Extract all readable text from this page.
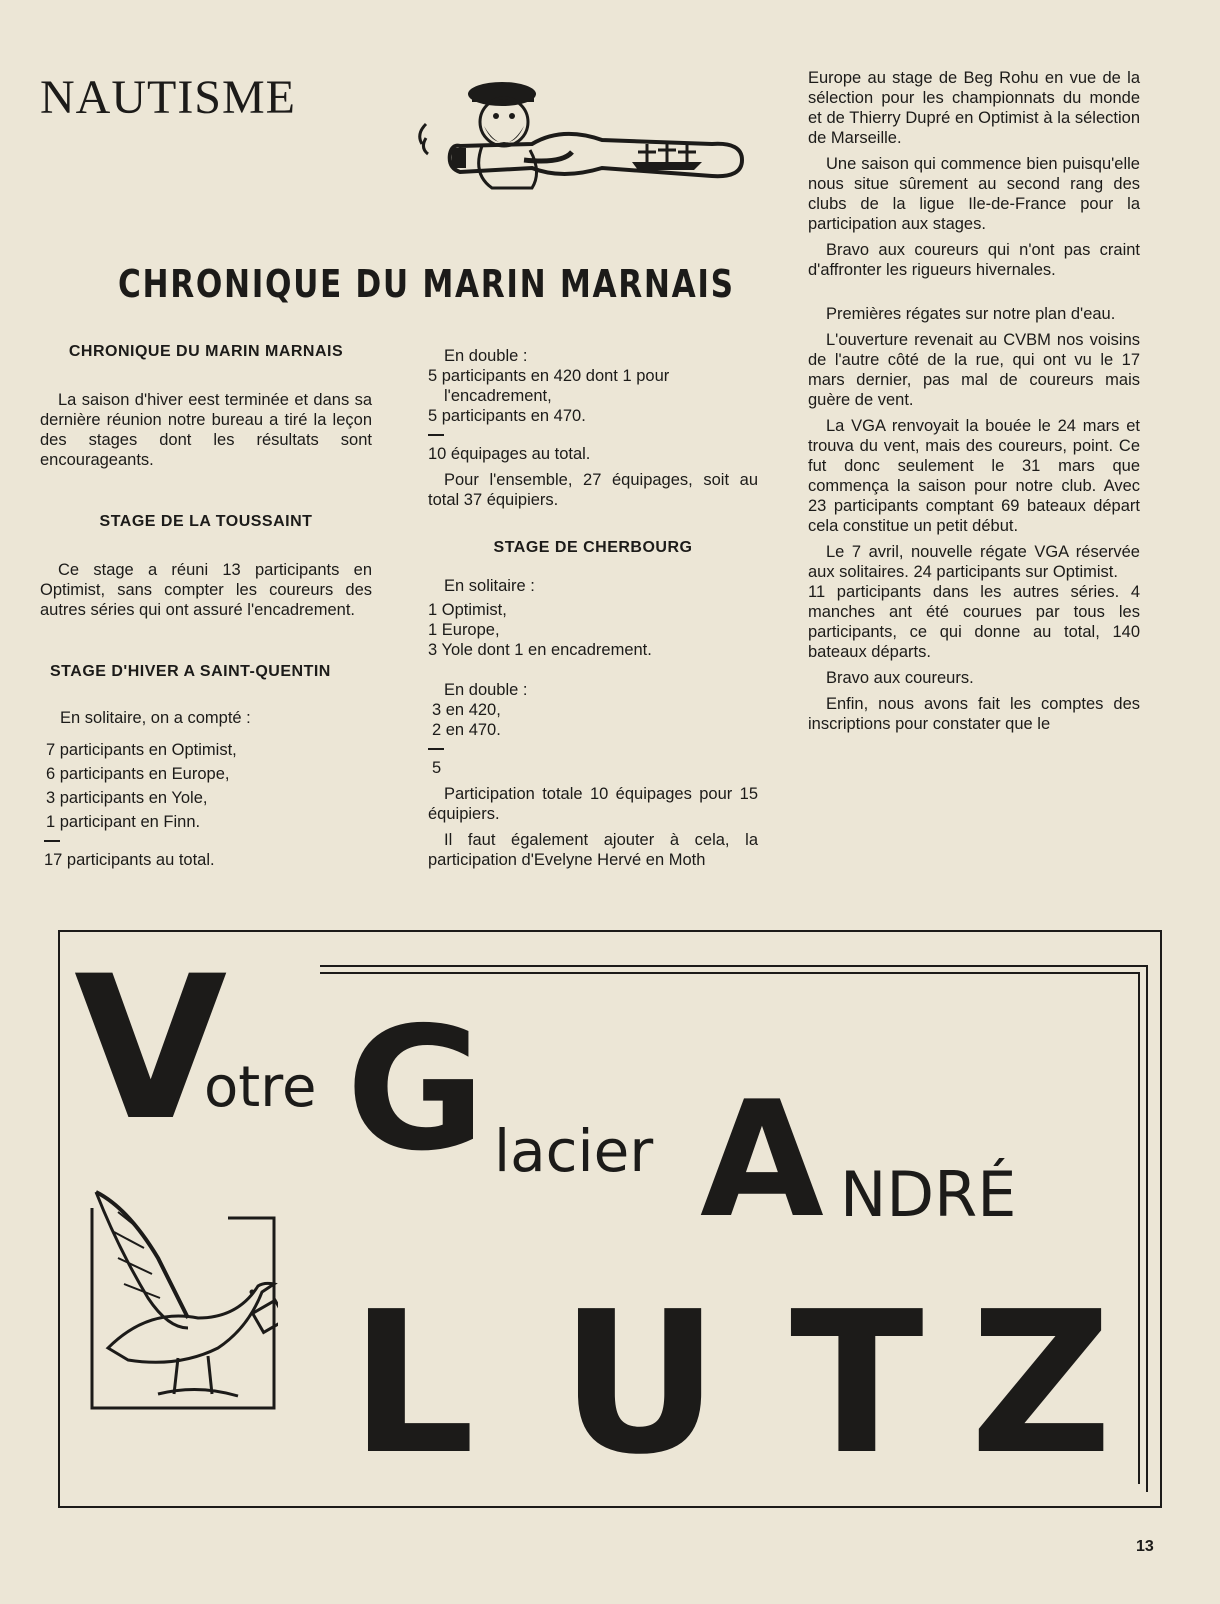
NAUTISME
CHRONIQUE DU MARIN MARNAIS

CHRONIQUE DU MARIN MARNAIS

La saison d'hiver eest terminée et dans sa dernière réunion notre bureau a tiré la leçon des stages dont les résultats sont encourageants.

STAGE DE LA TOUSSAINT

Ce stage a réuni 13 participants en Optimist, sans compter les coureurs des autres séries qui ont assuré l'encadrement.

STAGE D'HIVER A SAINT-QUENTIN

En solitaire, on a compté :

7 participants en Optimist,

6 participants en Europe,

3 participants en Yole,

1 participant en Finn.

17 participants au total.

En double :

5 participants en 420 dont 1 pour

l'encadrement,

5 participants en 470.

10 équipages au total.

Pour l'ensemble, 27 équipages, soit au total 37 équipiers.

STAGE DE CHERBOURG

En solitaire :

1 Optimist,

1 Europe,

3 Yole dont 1 en encadrement.

En double :

3 en 420,

2 en 470.

5

Participation totale 10 équipages pour 15 équipiers.

Il faut également ajouter à cela, la participation d'Evelyne Hervé en Moth

Europe au stage de Beg Rohu en vue de la sélection pour les championnats du monde et de Thierry Dupré en Optimist à la sélection de Marseille.

Une saison qui commence bien puisqu'elle nous situe sûrement au second rang des clubs de la ligue Ile-de-France pour la participation aux stages.

Bravo aux coureurs qui n'ont pas craint d'affronter les rigueurs hivernales.

Premières régates sur notre plan d'eau.

L'ouverture revenait au CVBM nos voisins de l'autre côté de la rue, qui ont vu le 17 mars dernier, pas mal de coureurs mais guère de vent.

La VGA renvoyait la bouée le 24 mars et trouva du vent, mais des coureurs, point. Ce fut donc seulement le 31 mars que commença la saison pour notre club. Avec 23 participants comptant 69 bateaux départ cela constitue un petit début.

Le 7 avril, nouvelle régate VGA réservée aux solitaires. 24 participants sur Optimist.

11 participants dans les autres séries. 4 manches ant été courues par tous les participants, ce qui donne au total, 140 bateaux départs.

Bravo aux coureurs.

Enfin, nous avons fait les comptes des inscriptions pour constater que le

V
otre G lacier A NDRÉ
L U T Z
13
